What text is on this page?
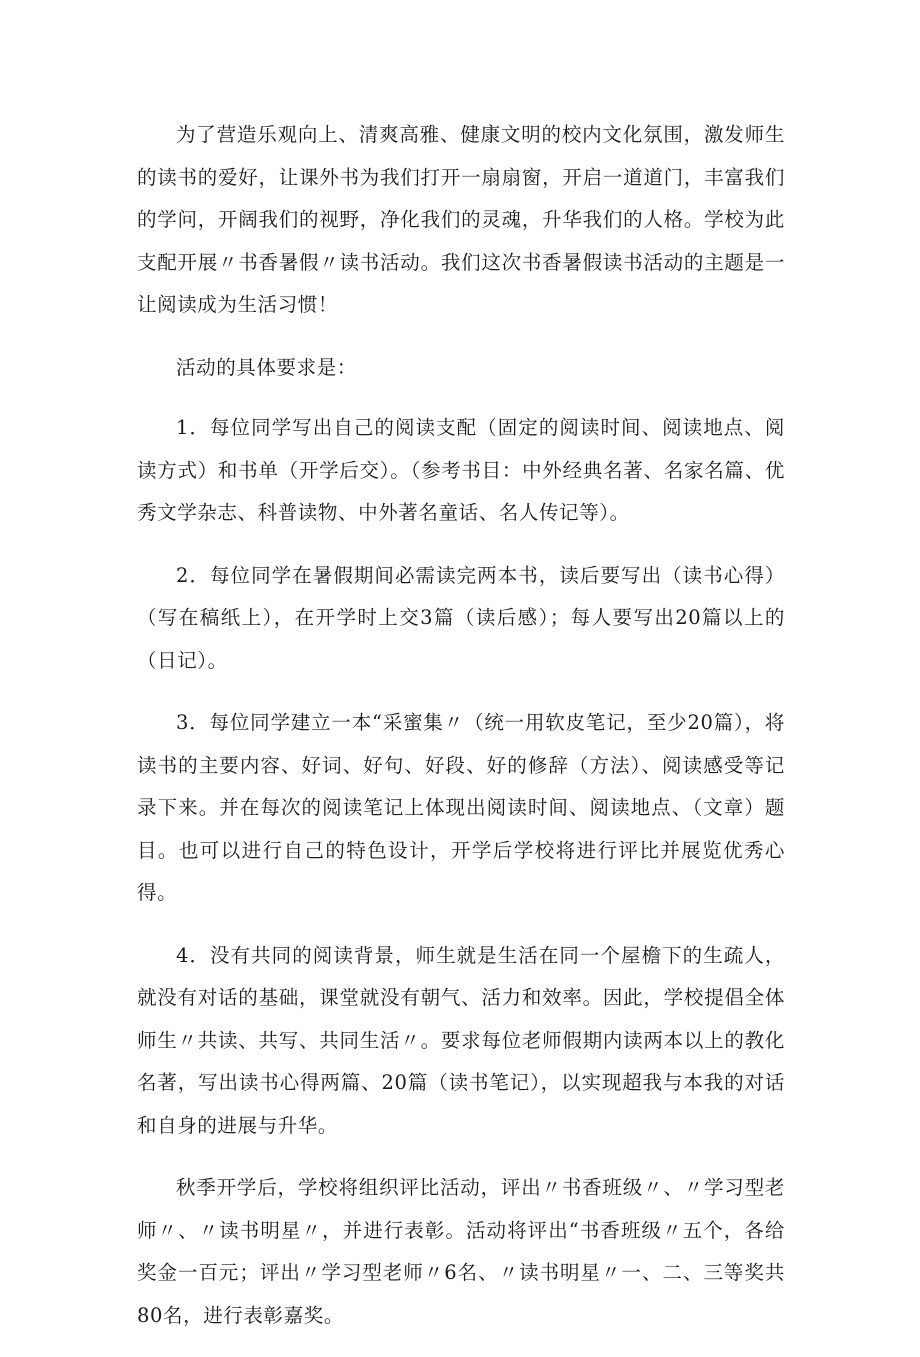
为了营造乐观向上、清爽高雅、健康文明的校内文化氛围，激发师生的读书的爱好，让课外书为我们打开一扇扇窗，开启一道道门，丰富我们的学问，开阔我们的视野，净化我们的灵魂，升华我们的人格。学校为此支配开展〃书香暑假〃读书活动。我们这次书香暑假读书活动的主题是一让阅读成为生活习惯！

活动的具体要求是：

1．每位同学写出自己的阅读支配（固定的阅读时间、阅读地点、阅读方式）和书单（开学后交）。（参考书目：中外经典名著、名家名篇、优秀文学杂志、科普读物、中外著名童话、名人传记等）。

2．每位同学在暑假期间必需读完两本书，读后要写出（读书心得）（写在稿纸上），在开学时上交3篇（读后感）；每人要写出20篇以上的（日记）。

3．每位同学建立一本“采蜜集〃（统一用软皮笔记，至少20篇），将读书的主要内容、好词、好句、好段、好的修辞（方法）、阅读感受等记录下来。并在每次的阅读笔记上体现出阅读时间、阅读地点、（文章）题目。也可以进行自己的特色设计，开学后学校将进行评比并展览优秀心得。

4．没有共同的阅读背景，师生就是生活在同一个屋檐下的生疏人，就没有对话的基础，课堂就没有朝气、活力和效率。因此，学校提倡全体师生〃共读、共写、共同生活〃。要求每位老师假期内读两本以上的教化名著，写出读书心得两篇、20篇（读书笔记），以实现超我与本我的对话和自身的进展与升华。

秋季开学后，学校将组织评比活动，评出〃书香班级〃、〃学习型老师〃、〃读书明星〃，并进行表彰。活动将评出“书香班级〃五个，各给奖金一百元；评出〃学习型老师〃6名、〃读书明星〃一、二、三等奖共80名，进行表彰嘉奖。
